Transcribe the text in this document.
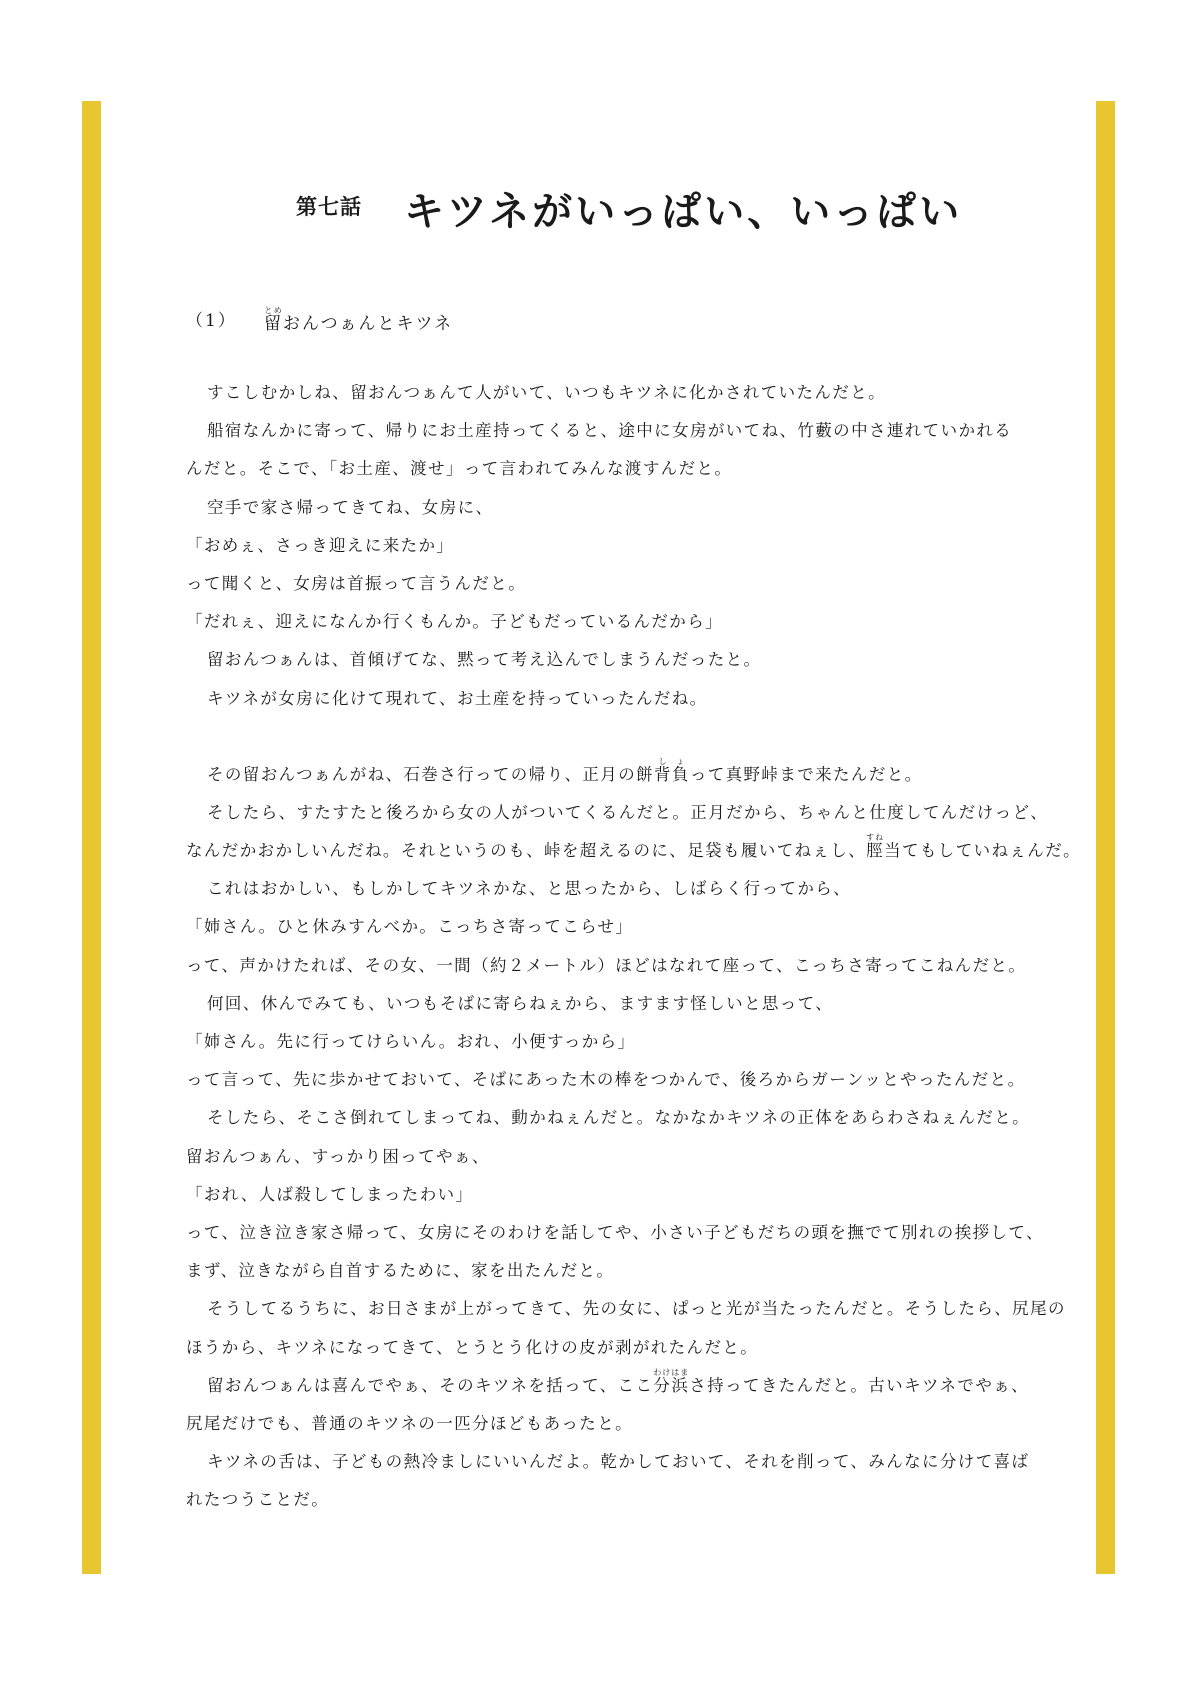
第七話 キツネがいっぱい、いっぱい
（1） 留とめおんつぁんとキツネ
すこしむかしね、留おんつぁんて人がいて、いつもキツネに化かされていたんだと。
船宿なんかに寄って、帰りにお土産持ってくると、途中に女房がいてね、竹藪の中さ連れていかれる
んだと。そこで、「お土産、渡せ」って言われてみんな渡すんだと。
空手で家さ帰ってきてね、女房に、
「おめぇ、さっき迎えに来たか」
って聞くと、女房は首振って言うんだと。
「だれぇ、迎えになんか行くもんか。子どもだっているんだから」
留おんつぁんは、首傾げてな、黙って考え込んでしまうんだったと。
キツネが女房に化けて現れて、お土産を持っていったんだね。
その留おんつぁんがね、石巻さ行っての帰り、正月の餅背負しょって真野峠まで来たんだと。
そしたら、すたすたと後ろから女の人がついてくるんだと。正月だから、ちゃんと仕度してんだけっど、
なんだかおかしいんだね。それというのも、峠を超えるのに、足袋も履いてねぇし、脛すね当てもしていねぇんだ。
これはおかしい、もしかしてキツネかな、と思ったから、しばらく行ってから、
「姉さん。ひと休みすんべか。こっちさ寄ってこらせ」
って、声かけたれば、その女、一間（約２メートル）ほどはなれて座って、こっちさ寄ってこねんだと。
何回、休んでみても、いつもそばに寄らねぇから、ますます怪しいと思って、
「姉さん。先に行ってけらいん。おれ、小便すっから」
って言って、先に歩かせておいて、そばにあった木の棒をつかんで、後ろからガーンッとやったんだと。
そしたら、そこさ倒れてしまってね、動かねぇんだと。なかなかキツネの正体をあらわさねぇんだと。
留おんつぁん、すっかり困ってやぁ、
「おれ、人ば殺してしまったわい」
って、泣き泣き家さ帰って、女房にそのわけを話してや、小さい子どもだちの頭を撫でて別れの挨拶して、
まず、泣きながら自首するために、家を出たんだと。
そうしてるうちに、お日さまが上がってきて、先の女に、ぱっと光が当たったんだと。そうしたら、尻尾の
ほうから、キツネになってきて、とうとう化けの皮が剥がれたんだと。
留おんつぁんは喜んでやぁ、そのキツネを括って、ここ分浜わけはまさ持ってきたんだと。古いキツネでやぁ、
尻尾だけでも、普通のキツネの一匹分ほどもあったと。
キツネの舌は、子どもの熱冷ましにいいんだよ。乾かしておいて、それを削って、みんなに分けて喜ば
れたつうことだ。
